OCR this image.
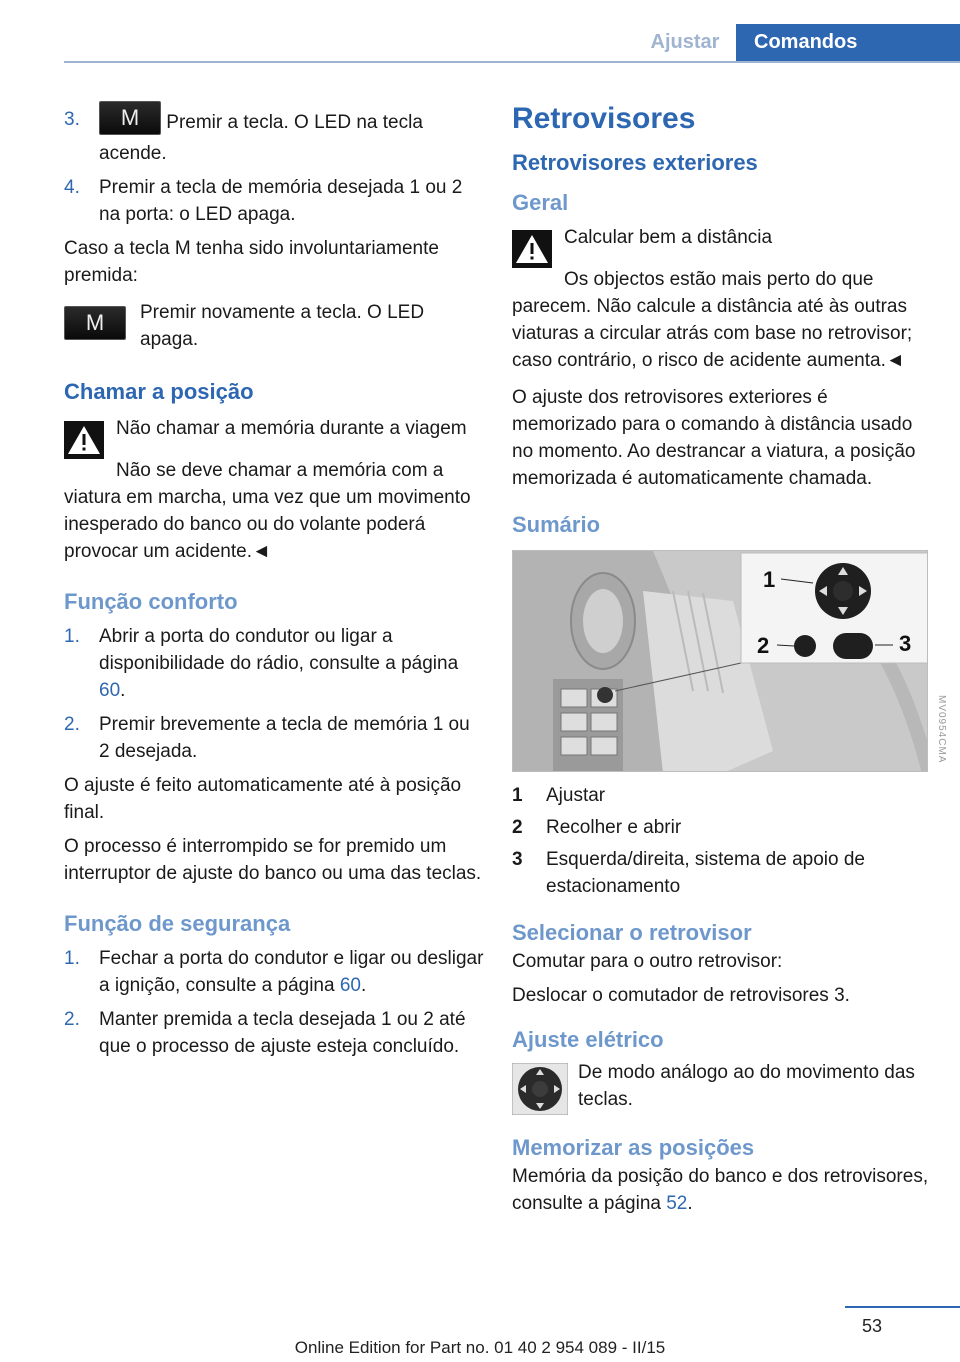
Ajustar	Comandos
3. M Premir a tecla. O LED na tecla acende.
4. Premir a tecla de memória desejada 1 ou 2 na porta: o LED apaga.

Caso a tecla M tenha sido involuntariamente premida:

M	Premir novamente a tecla. O LED apaga.
Chamar a posição

Não chamar a memória durante a viagem

Não se deve chamar a memória com a viatura em marcha, uma vez que um movimento inesperado do banco ou do volante poderá provocar um acidente.◄

Função conforto
1. Abrir a porta do condutor ou ligar a disponibilidade do rádio, consulte a página 60.
2. Premir brevemente a tecla de memória 1 ou 2 desejada.

O ajuste é feito automaticamente até à posição final.

O processo é interrompido se for premido um interruptor de ajuste do banco ou uma das teclas.

Função de segurança
1. Fechar a porta do condutor e ligar ou desligar a ignição, consulte a página 60.
2. Manter premida a tecla desejada 1 ou 2 até que o processo de ajuste esteja concluído.
Retrovisores
Retrovisores exteriores
Geral

Calcular bem a distância

Os objectos estão mais perto do que parecem. Não calcule a distância até às outras viaturas a circular atrás com base no retrovisor; caso contrário, o risco de acidente aumenta.◄

O ajuste dos retrovisores exteriores é memorizado para o comando à distância usado no momento. Ao destrancar a viatura, a posição memorizada é automaticamente chamada.

Sumário
1
2	3
1	Ajustar
2	Recolher e abrir
3	Esquerda/direita, sistema de apoio de estacionamento
Selecionar o retrovisor

Comutar para o outro retrovisor:

Deslocar o comutador de retrovisores 3.

Ajuste elétrico

De modo análogo ao do movimento das teclas.

Memorizar as posições

Memória da posição do banco e dos retrovisores, consulte a página 52.

MV0954CMA
53
Online Edition for Part no. 01 40 2 954 089 - II/15
